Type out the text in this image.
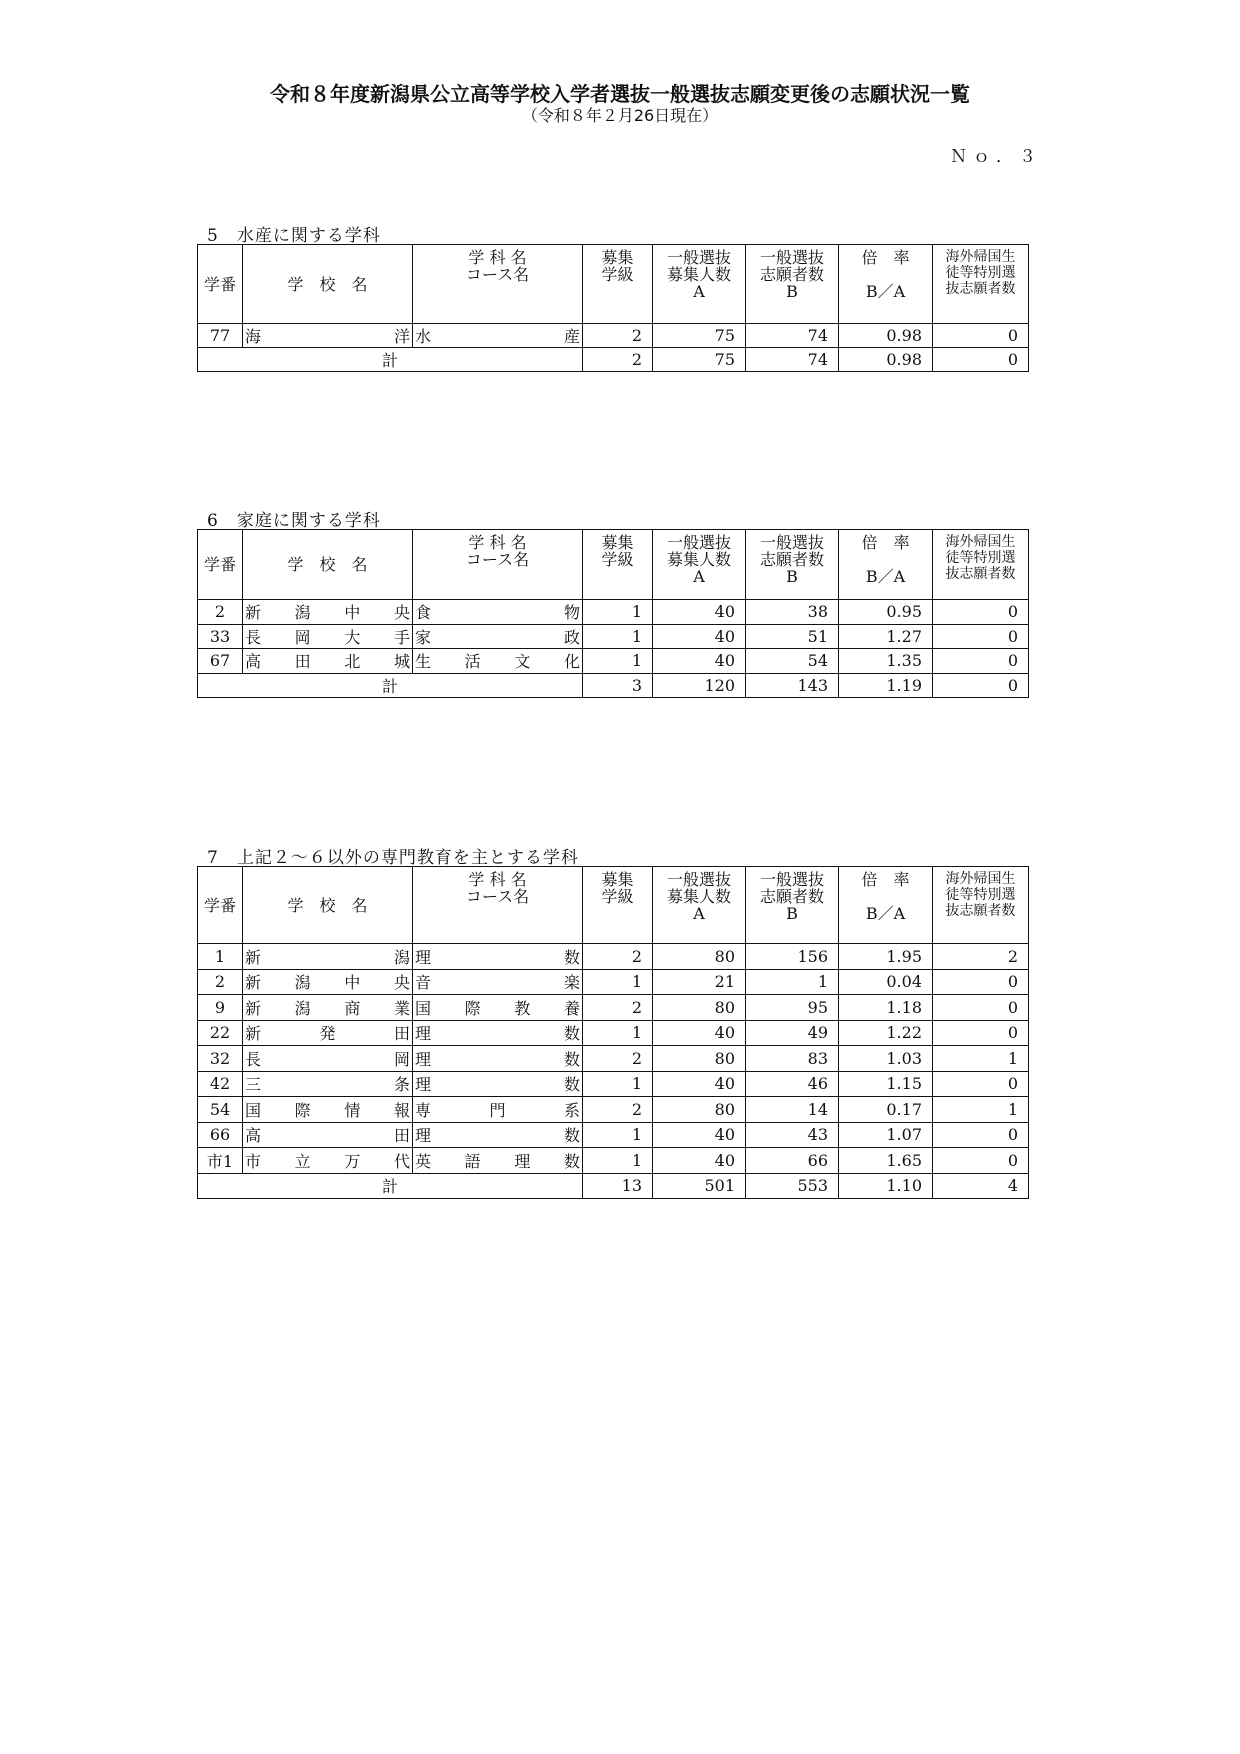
令和８年度新潟県公立高等学校入学者選抜一般選抜志願変更後の志願状況一覧
（令和８年２月26日現在）
Ｎｏ．３
5　水産に関する学科
学番	学　校　名	
学 科 名
コース名

募集
学級

一般選抜
募集人数
A

一般選抜
志願者数
B

倍　率
B／A

海外帰国生
徒等特別選
抜志願者数

77	海 洋	水 産	2	75	74	0.98	0
計			2	75	74	0.98	0
6　家庭に関する学科
学番	学　校　名	
学 科 名
コース名

募集
学級

一般選抜
募集人数
A

一般選抜
志願者数
B

倍　率
B／A

海外帰国生
徒等特別選
抜志願者数

2	新 潟 中 央	食 物	1	40	38	0.95	0
33	長 岡 大 手	家 政	1	40	51	1.27	0
67	高 田 北 城	生 活 文 化	1	40	54	1.35	0
計			3	120	143	1.19	0
7　上記２～６以外の専門教育を主とする学科
学番	学　校　名	
学 科 名
コース名

募集
学級

一般選抜
募集人数
A

一般選抜
志願者数
B

倍　率
B／A

海外帰国生
徒等特別選
抜志願者数

1	新 潟	理 数	2	80	156	1.95	2
2	新 潟 中 央	音 楽	1	21	1	0.04	0
9	新 潟 商 業	国 際 教 養	2	80	95	1.18	0
22	新 発 田	理 数	1	40	49	1.22	0
32	長 岡	理 数	2	80	83	1.03	1
42	三 条	理 数	1	40	46	1.15	0
54	国 際 情 報	専 門 系	2	80	14	0.17	1
66	高 田	理 数	1	40	43	1.07	0
市1	市 立 万 代	英 語 理 数	1	40	66	1.65	0
計			13	501	553	1.10	4
